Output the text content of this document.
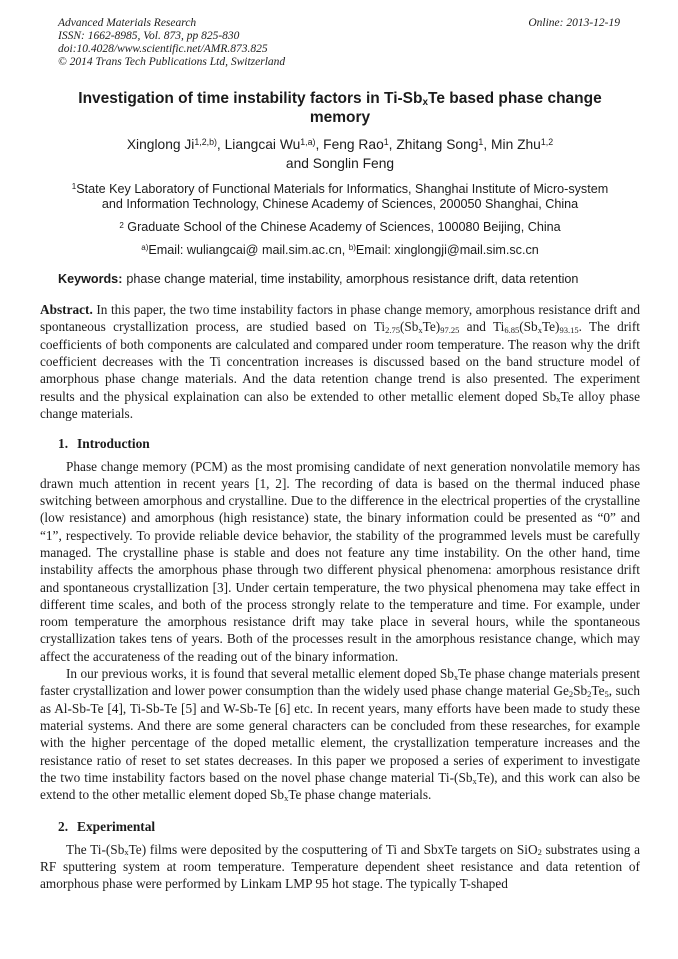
Advanced Materials Research
ISSN: 1662-8985, Vol. 873, pp 825-830
doi:10.4028/www.scientific.net/AMR.873.825
© 2014 Trans Tech Publications Ltd, Switzerland
Online: 2013-12-19
Investigation of time instability factors in $Ti-Sb_xTe$ based phase change
memory
Xinglong Ji$^{1,2,b)}$, Liangcai Wu$^{1,a)}$, Feng Rao$^1$, Zhitang Song$^1$, Min Zhu$^{1,2}$
and Songlin Feng
$^1$State Key Laboratory of Functional Materials for Informatics, Shanghai Institute of Micro-system
and Information Technology, Chinese Academy of Sciences, 200050 Shanghai, China
$^2$ Graduate School of the Chinese Academy of Sciences, 100080 Beijing, China
$^{a)}$Email: wuliangcai@ mail.sim.ac.cn, $^{b)}$Email: xinglongji@mail.sim.sc.cn
Keywords: phase change material, time instability, amorphous resistance drift, data retention

Abstract. In this paper, the two time instability factors in phase change memory, amorphous resistance drift and spontaneous crystallization process, are studied based on $Ti_{2.75}(Sb_xTe)_{97.25}$ and $Ti_{6.85}(Sb_xTe)_{93.15}$. The drift coefficients of both components are calculated and compared under room temperature. The reason why the drift coefficient decreases with the Ti concentration increases is discussed based on the band structure model of amorphous phase change materials. And the data retention change trend is also presented. The experiment results and the physical explaination can also be extended to other metallic element doped $Sb_xTe$ alloy phase change materials.

1. Introduction

Phase change memory (PCM) as the most promising candidate of next generation nonvolatile memory has drawn much attention in recent years [1, 2]. The recording of data is based on the thermal induced phase switching between amorphous and crystalline. Due to the difference in the electrical properties of the crystalline (low resistance) and amorphous (high resistance) state, the binary information could be presented as “0” and “1”, respectively. To provide reliable device behavior, the stability of the programmed levels must be carefully managed. The crystalline phase is stable and does not feature any time instability. On the other hand, time instability affects the amorphous phase through two different physical phenomena: amorphous resistance drift and spontaneous crystallization [3]. Under certain temperature, the two physical phenomena may take effect in different time scales, and both of the process strongly relate to the temperature and time. For example, under room temperature the amorphous resistance drift may take place in several hours, while the spontaneous crystallization takes tens of years. Both of the processes result in the amorphous resistance change, which may affect the accurateness of the reading out of the binary information.

In our previous works, it is found that several metallic element doped $Sb_xTe$ phase change materials present faster crystallization and lower power consumption than the widely used phase change material $Ge_2Sb_2Te_5$, such as Al-Sb-Te [4], Ti-Sb-Te [5] and W-Sb-Te [6] etc. In recent years, many efforts have been made to study these material systems. And there are some general characters can be concluded from these researches, for example with the higher percentage of the doped metallic element, the crystallization temperature increases and the resistance ratio of reset to set states decreases. In this paper we proposed a series of experiment to investigate the two time instability factors based on the novel phase change material $Ti-(Sb_xTe)$, and this work can also be extend to the other metallic element doped $Sb_xTe$ phase change materials.

2. Experimental

The $Ti-(Sb_xTe)$ films were deposited by the cosputtering of Ti and SbxTe targets on SiO$_2$ substrates using a RF sputtering system at room temperature. Temperature dependent sheet resistance and data retention of amorphous phase were performed by Linkam LMP 95 hot stage. The typically T-shaped
